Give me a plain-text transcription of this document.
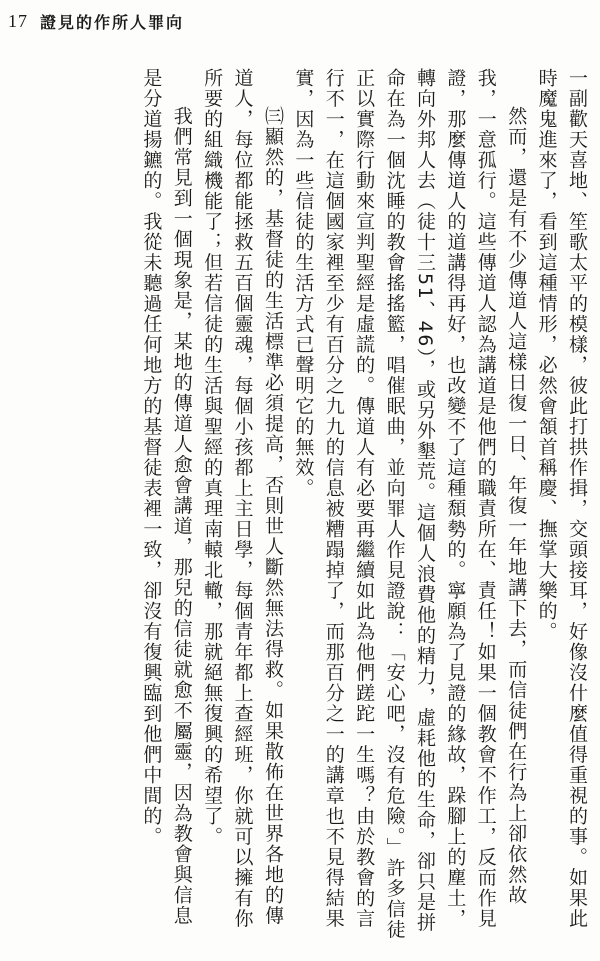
17 證見的作所人罪向

一副歡天喜地、笙歌太平的模樣，彼此打拱作揖，交頭接耳，好像沒什麼值得重視的事。如果此時魔鬼進來了，看到這種情形，必然會頷首稱慶、撫掌大樂的。

然而，還是有不少傳道人這樣日復一日、年復一年地講下去，而信徒們在行為上卻依然故我，一意孤行。這些傳道人認為講道是他們的職責所在、責任！如果一個教會不作工，反而作見證，那麼傳道人的道講得再好，也改變不了這種頹勢的。寧願為了見證的緣故，跺腳上的塵土，轉向外邦人去（徒十三51、46），或另外墾荒。這個人浪費他的精力，虛耗他的生命，卻只是拼命在為一個沈睡的教會搖搖籃，唱催眠曲，並向罪人作見證說：「安心吧，沒有危險。」許多信徒正以實際行動來宣判聖經是虛謊的。傳道人有必要再繼續如此為他們蹉跎一生嗎？由於教會的言行不一，在這個國家裡至少有百分之九九的信息被糟蹋掉了，而那百分之一的講章也不見得結果實，因為一些信徒的生活方式已聲明它的無效。

㈢顯然的，基督徒的生活標準必須提高，否則世人斷然無法得救。如果散佈在世界各地的傳道人，每位都能拯救五百個靈魂，每個小孩都上主日學，每個青年都上查經班，你就可以擁有你所要的組織機能了；但若信徒的生活與聖經的真理南轅北轍，那就絕無復興的希望了。

我們常見到一個現象是，某地的傳道人愈會講道，那兒的信徒就愈不屬靈，因為教會與信息是分道揚鑣的。我從未聽過任何地方的基督徒表裡一致，卻沒有復興臨到他們中間的。
